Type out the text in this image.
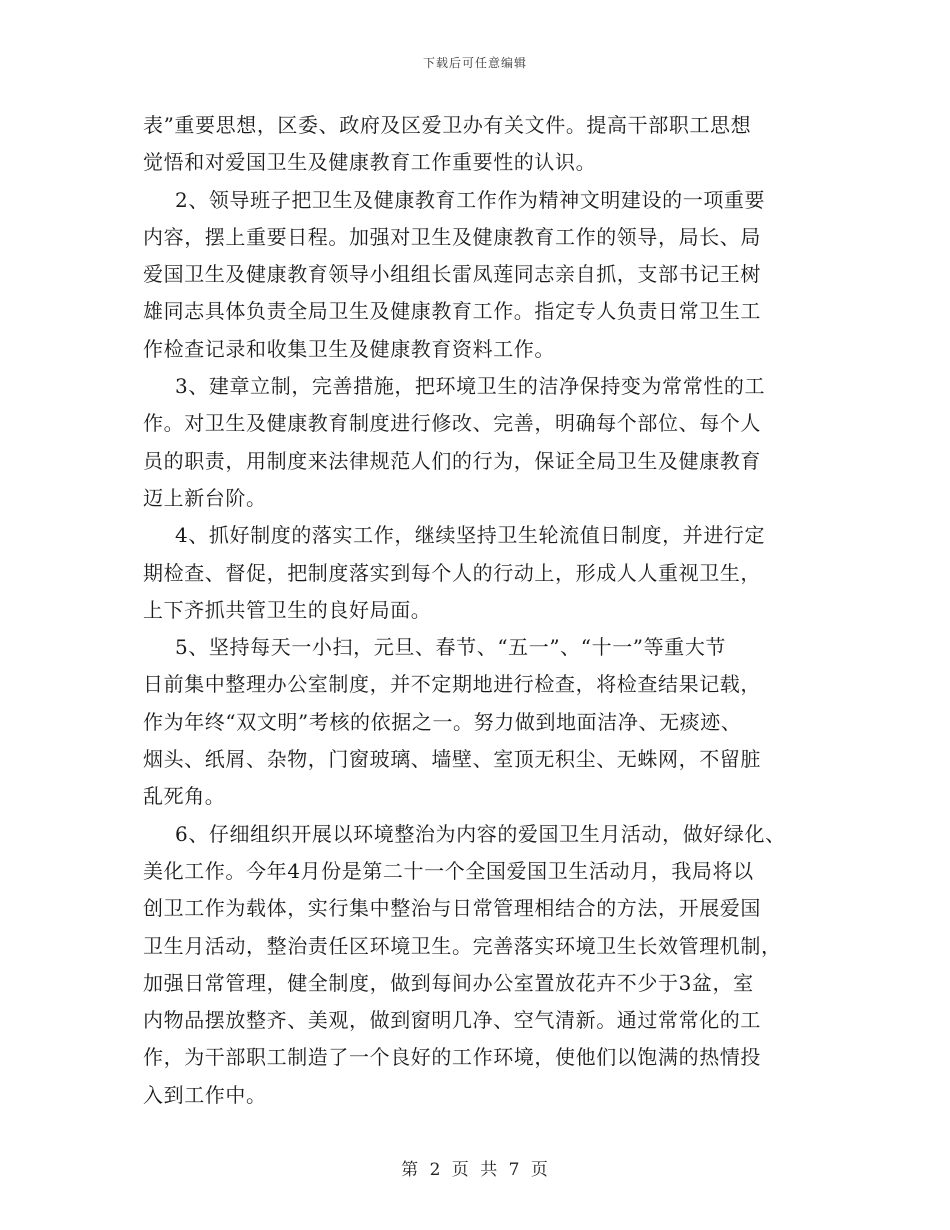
下载后可任意编辑
表”重要思想，区委、政府及区爱卫办有关文件。提高干部职工思想
觉悟和对爱国卫生及健康教育工作重要性的认识。
2、领导班子把卫生及健康教育工作作为精神文明建设的一项重要
内容，摆上重要日程。加强对卫生及健康教育工作的领导，局长、局
爱国卫生及健康教育领导小组组长雷凤莲同志亲自抓，支部书记王树
雄同志具体负责全局卫生及健康教育工作。指定专人负责日常卫生工
作检查记录和收集卫生及健康教育资料工作。
3、建章立制，完善措施，把环境卫生的洁净保持变为常常性的工
作。对卫生及健康教育制度进行修改、完善，明确每个部位、每个人
员的职责，用制度来法律规范人们的行为，保证全局卫生及健康教育
迈上新台阶。
4、抓好制度的落实工作，继续坚持卫生轮流值日制度，并进行定
期检查、督促，把制度落实到每个人的行动上，形成人人重视卫生，
上下齐抓共管卫生的良好局面。
5、坚持每天一小扫，元旦、春节、“五一”、“十一”等重大节
日前集中整理办公室制度，并不定期地进行检查，将检查结果记载，
作为年终“双文明”考核的依据之一。努力做到地面洁净、无痰迹、
烟头、纸屑、杂物，门窗玻璃、墙壁、室顶无积尘、无蛛网，不留脏
乱死角。
6、仔细组织开展以环境整治为内容的爱国卫生月活动，做好绿化、
美化工作。今年4月份是第二十一个全国爱国卫生活动月，我局将以
创卫工作为载体，实行集中整治与日常管理相结合的方法，开展爱国
卫生月活动，整治责任区环境卫生。完善落实环境卫生长效管理机制，
加强日常管理，健全制度，做到每间办公室置放花卉不少于3盆，室
内物品摆放整齐、美观，做到窗明几净、空气清新。通过常常化的工
作，为干部职工制造了一个良好的工作环境，使他们以饱满的热情投
入到工作中。
第 2 页 共 7 页
